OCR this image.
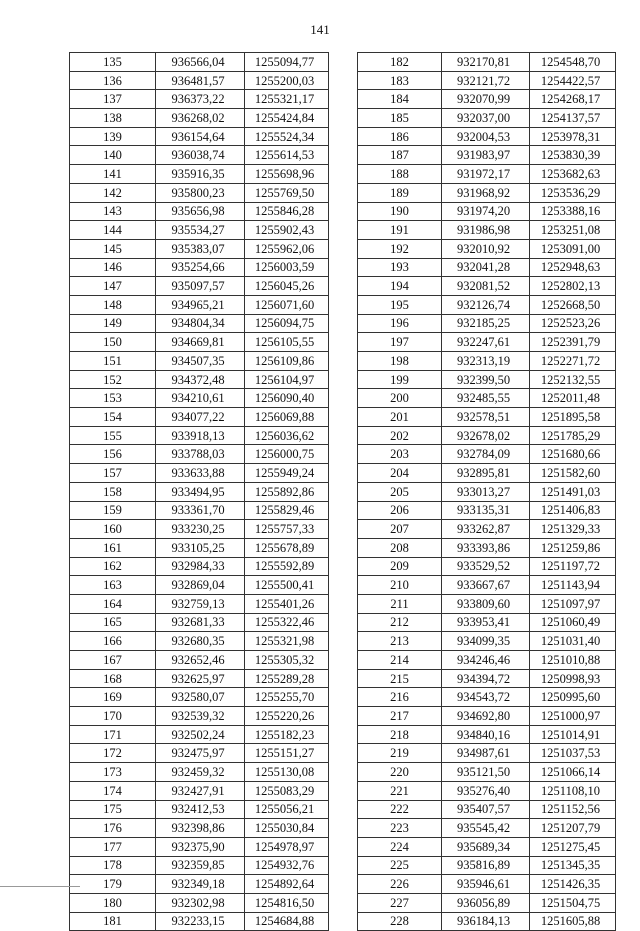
141
135	936566,04	1255094,77
136	936481,57	1255200,03
137	936373,22	1255321,17
138	936268,02	1255424,84
139	936154,64	1255524,34
140	936038,74	1255614,53
141	935916,35	1255698,96
142	935800,23	1255769,50
143	935656,98	1255846,28
144	935534,27	1255902,43
145	935383,07	1255962,06
146	935254,66	1256003,59
147	935097,57	1256045,26
148	934965,21	1256071,60
149	934804,34	1256094,75
150	934669,81	1256105,55
151	934507,35	1256109,86
152	934372,48	1256104,97
153	934210,61	1256090,40
154	934077,22	1256069,88
155	933918,13	1256036,62
156	933788,03	1256000,75
157	933633,88	1255949,24
158	933494,95	1255892,86
159	933361,70	1255829,46
160	933230,25	1255757,33
161	933105,25	1255678,89
162	932984,33	1255592,89
163	932869,04	1255500,41
164	932759,13	1255401,26
165	932681,33	1255322,46
166	932680,35	1255321,98
167	932652,46	1255305,32
168	932625,97	1255289,28
169	932580,07	1255255,70
170	932539,32	1255220,26
171	932502,24	1255182,23
172	932475,97	1255151,27
173	932459,32	1255130,08
174	932427,91	1255083,29
175	932412,53	1255056,21
176	932398,86	1255030,84
177	932375,90	1254978,97
178	932359,85	1254932,76
179	932349,18	1254892,64
180	932302,98	1254816,50
181	932233,15	1254684,88
182	932170,81	1254548,70
183	932121,72	1254422,57
184	932070,99	1254268,17
185	932037,00	1254137,57
186	932004,53	1253978,31
187	931983,97	1253830,39
188	931972,17	1253682,63
189	931968,92	1253536,29
190	931974,20	1253388,16
191	931986,98	1253251,08
192	932010,92	1253091,00
193	932041,28	1252948,63
194	932081,52	1252802,13
195	932126,74	1252668,50
196	932185,25	1252523,26
197	932247,61	1252391,79
198	932313,19	1252271,72
199	932399,50	1252132,55
200	932485,55	1252011,48
201	932578,51	1251895,58
202	932678,02	1251785,29
203	932784,09	1251680,66
204	932895,81	1251582,60
205	933013,27	1251491,03
206	933135,31	1251406,83
207	933262,87	1251329,33
208	933393,86	1251259,86
209	933529,52	1251197,72
210	933667,67	1251143,94
211	933809,60	1251097,97
212	933953,41	1251060,49
213	934099,35	1251031,40
214	934246,46	1251010,88
215	934394,72	1250998,93
216	934543,72	1250995,60
217	934692,80	1251000,97
218	934840,16	1251014,91
219	934987,61	1251037,53
220	935121,50	1251066,14
221	935276,40	1251108,10
222	935407,57	1251152,56
223	935545,42	1251207,79
224	935689,34	1251275,45
225	935816,89	1251345,35
226	935946,61	1251426,35
227	936056,89	1251504,75
228	936184,13	1251605,88
